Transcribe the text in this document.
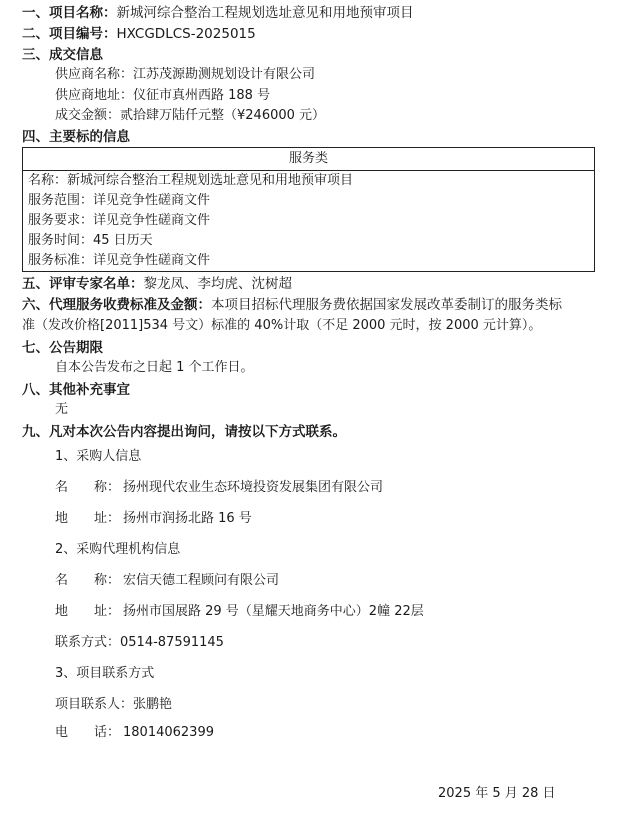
一、项目名称：新城河综合整治工程规划选址意见和用地预审项目
二、项目编号：HXCGDLCS-2025015
三、成交信息
供应商名称：江苏茂源勘测规划设计有限公司
供应商地址：仪征市真州西路 188 号
成交金额：贰拾肆万陆仟元整（¥246000 元）
四、主要标的信息
服务类
名称：新城河综合整治工程规划选址意见和用地预审项目
服务范围：详见竞争性磋商文件
服务要求：详见竞争性磋商文件
服务时间：45 日历天
服务标准：详见竞争性磋商文件
五、评审专家名单：黎龙凤、李均虎、沈树超
六、代理服务收费标准及金额：本项目招标代理服务费依据国家发展改革委制订的服务类标
准（发改价格[2011]534 号文）标准的 40%计取（不足 2000 元时，按 2000 元计算）。
七、公告期限
自本公告发布之日起 1 个工作日。
八、其他补充事宜
无
九、凡对本次公告内容提出询问，请按以下方式联系。
1、采购人信息
名　　称： 扬州现代农业生态环境投资发展集团有限公司
地　　址： 扬州市润扬北路 16 号
2、采购代理机构信息
名　　称： 宏信天德工程顾问有限公司
地　　址： 扬州市国展路 29 号（星耀天地商务中心）2幢 22层
联系方式：0514-87591145
3、项目联系方式
项目联系人：张鹏艳
电　　话： 18014062399
2025 年 5 月 28 日
